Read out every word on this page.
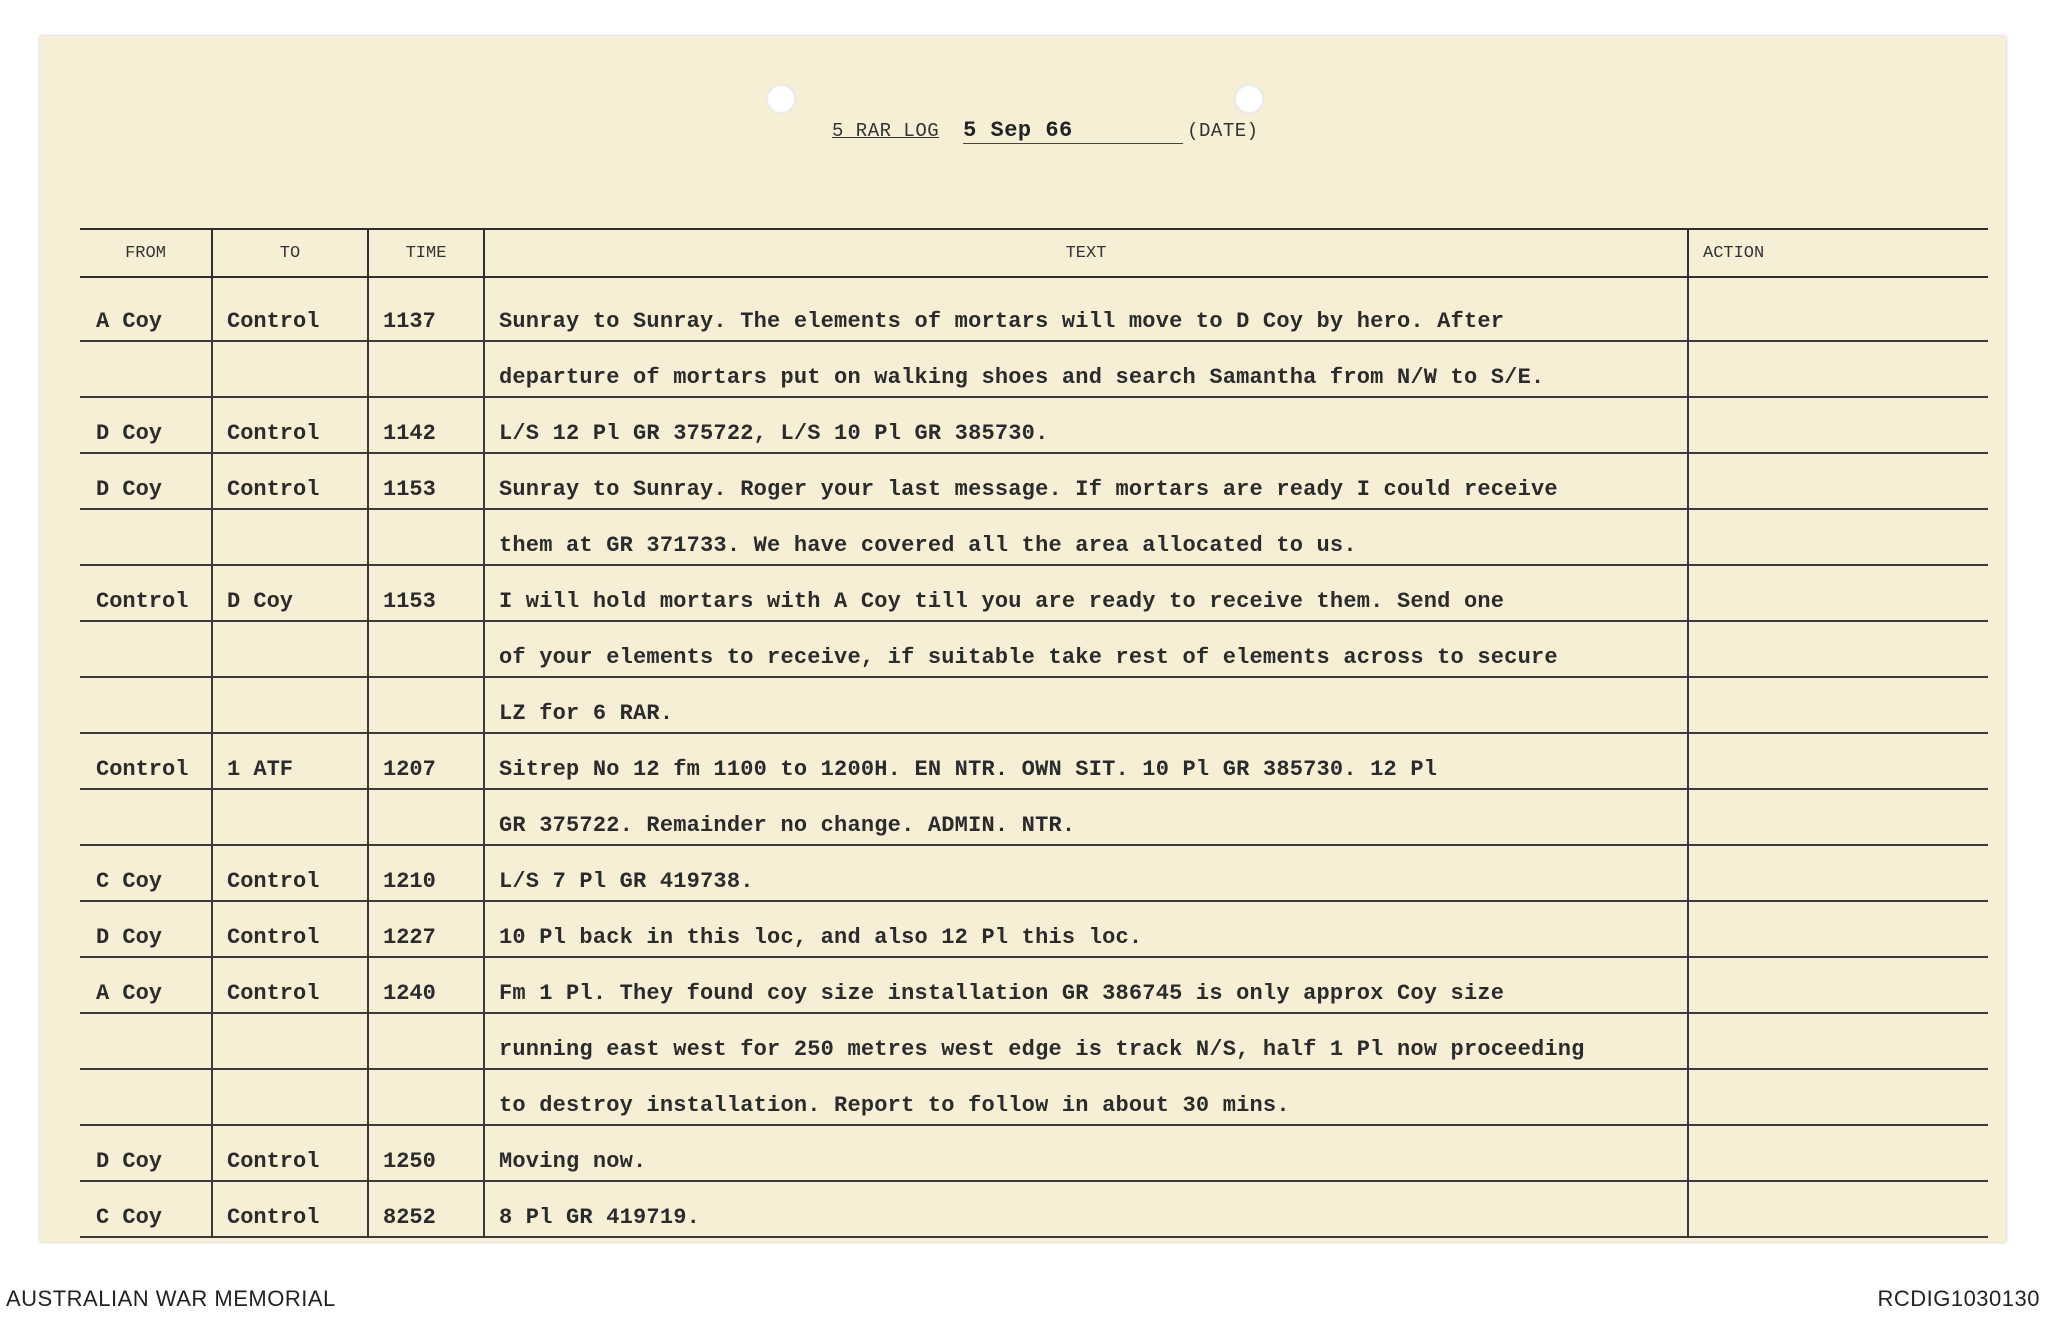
5 RAR LOG 5 Sep 66	(DATE)
FROM	TO	TIME	TEXT	ACTION
A Coy	Control	1137	Sunray to Sunray. The elements of mortars will move to D Coy by hero. After	
			departure of mortars put on walking shoes and search Samantha from N/W to S/E.	
D Coy	Control	1142	L/S 12 Pl GR 375722, L/S 10 Pl GR 385730.	
D Coy	Control	1153	Sunray to Sunray. Roger your last message. If mortars are ready I could receive	
			them at GR 371733. We have covered all the area allocated to us.	
Control	D Coy	1153	I will hold mortars with A Coy till you are ready to receive them. Send one	
			of your elements to receive, if suitable take rest of elements across to secure	
			LZ for 6 RAR.	
Control	1 ATF	1207	Sitrep No 12 fm 1100 to 1200H. EN NTR. OWN SIT. 10 Pl GR 385730. 12 Pl	
			GR 375722. Remainder no change. ADMIN. NTR.	
C Coy	Control	1210	L/S 7 Pl GR 419738.	
D Coy	Control	1227	10 Pl back in this loc, and also 12 Pl this loc.	
A Coy	Control	1240	Fm 1 Pl. They found coy size installation GR 386745 is only approx Coy size	
			running east west for 250 metres west edge is track N/S, half 1 Pl now proceeding	
			to destroy installation. Report to follow in about 30 mins.	
D Coy	Control	1250	Moving now.	
C Coy	Control	8252	8 Pl GR 419719.	
AUSTRALIAN WAR MEMORIAL	RCDIG1030130
